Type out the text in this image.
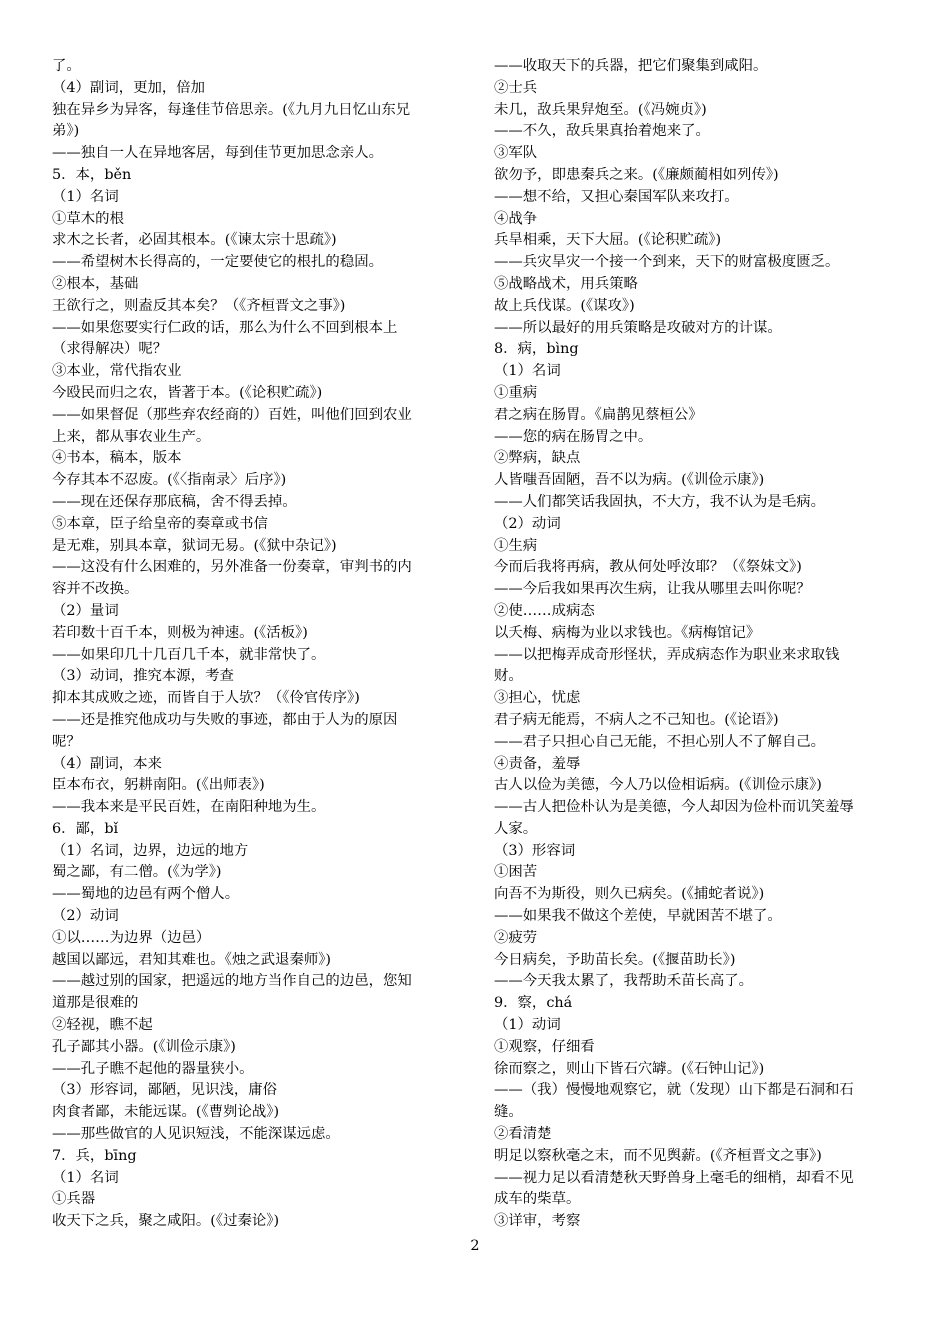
了。
（4）副词，更加，倍加
独在异乡为异客，每逢佳节倍思亲。(《九月九日忆山东兄
弟》)
——独自一人在异地客居，每到佳节更加思念亲人。
5．本，běn
（1）名词
①草木的根
求木之长者，必固其根本。(《谏太宗十思疏》)
——希望树木长得高的，一定要使它的根扎的稳固。
②根本，基础
王欲行之，则盍反其本矣？（《齐桓晋文之事》)
——如果您要实行仁政的话，那么为什么不回到根本上
（求得解决）呢？
③本业，常代指农业
今殴民而归之农，皆著于本。(《论积贮疏》)
——如果督促（那些弃农经商的）百姓，叫他们回到农业
上来，都从事农业生产。
④书本，稿本，版本
今存其本不忍废。(《〈指南录〉后序》)
——现在还保存那底稿，舍不得丢掉。
⑤本章，臣子给皇帝的奏章或书信
是无难，别具本章，狱词无易。(《狱中杂记》)
——这没有什么困难的，另外准备一份奏章，审判书的内
容并不改换。
（2）量词
若印数十百千本，则极为神速。(《活板》)
——如果印几十几百几千本，就非常快了。
（3）动词，推究本源，考查
抑本其成败之迹，而皆自于人欤？（《伶官传序》)
——还是推究他成功与失败的事迹，都由于人为的原因
呢？
（4）副词，本来
臣本布衣，躬耕南阳。(《出师表》)
——我本来是平民百姓，在南阳种地为生。
6．鄙，bǐ
（1）名词，边界，边远的地方
蜀之鄙，有二僧。(《为学》)
——蜀地的边邑有两个僧人。
（2）动词
①以……为边界（边邑）
越国以鄙远，君知其难也。《烛之武退秦师》)
——越过别的国家，把遥远的地方当作自己的边邑，您知
道那是很难的
②轻视，瞧不起
孔子鄙其小器。(《训俭示康》)
——孔子瞧不起他的器量狭小。
（3）形容词，鄙陋，见识浅，庸俗
肉食者鄙，未能远谋。(《曹刿论战》)
——那些做官的人见识短浅，不能深谋远虑。
7．兵，bīng
（1）名词
①兵器
收天下之兵，聚之咸阳。(《过秦论》)
——收取天下的兵器，把它们聚集到咸阳。
②士兵
未几，敌兵果舁炮至。(《冯婉贞》)
——不久，敌兵果真抬着炮来了。
③军队
欲勿予，即患秦兵之来。(《廉颇蔺相如列传》)
——想不给，又担心秦国军队来攻打。
④战争
兵旱相乘，天下大屈。(《论积贮疏》)
——兵灾旱灾一个接一个到来，天下的财富极度匮乏。
⑤战略战术，用兵策略
故上兵伐谋。(《谋攻》)
——所以最好的用兵策略是攻破对方的计谋。
8．病，bìng
（1）名词
①重病
君之病在肠胃。《扁鹊见蔡桓公》
——您的病在肠胃之中。
②弊病，缺点
人皆嗤吾固陋，吾不以为病。(《训俭示康》)
——人们都笑话我固执，不大方，我不认为是毛病。
（2）动词
①生病
今而后我将再病，教从何处呼汝耶？（《祭妹文》)
——今后我如果再次生病，让我从哪里去叫你呢？
②使……成病态
以夭梅、病梅为业以求钱也。《病梅馆记》
——以把梅弄成奇形怪状，弄成病态作为职业来求取钱
财。
③担心，忧虑
君子病无能焉，不病人之不己知也。(《论语》)
——君子只担心自己无能，不担心别人不了解自己。
④责备，羞辱
古人以俭为美德，今人乃以俭相诟病。(《训俭示康》)
——古人把俭朴认为是美德，今人却因为俭朴而讥笑羞辱
人家。
（3）形容词
①困苦
向吾不为斯役，则久已病矣。(《捕蛇者说》)
——如果我不做这个差使，早就困苦不堪了。
②疲劳
今日病矣，予助苗长矣。(《揠苗助长》)
——今天我太累了，我帮助禾苗长高了。
9．察，chá
（1）动词
①观察，仔细看
徐而察之，则山下皆石穴罅。(《石钟山记》)
——（我）慢慢地观察它，就（发现）山下都是石洞和石
缝。
②看清楚
明足以察秋毫之末，而不见舆薪。(《齐桓晋文之事》)
——视力足以看清楚秋天野兽身上毫毛的细梢，却看不见
成车的柴草。
③详审，考察
2
